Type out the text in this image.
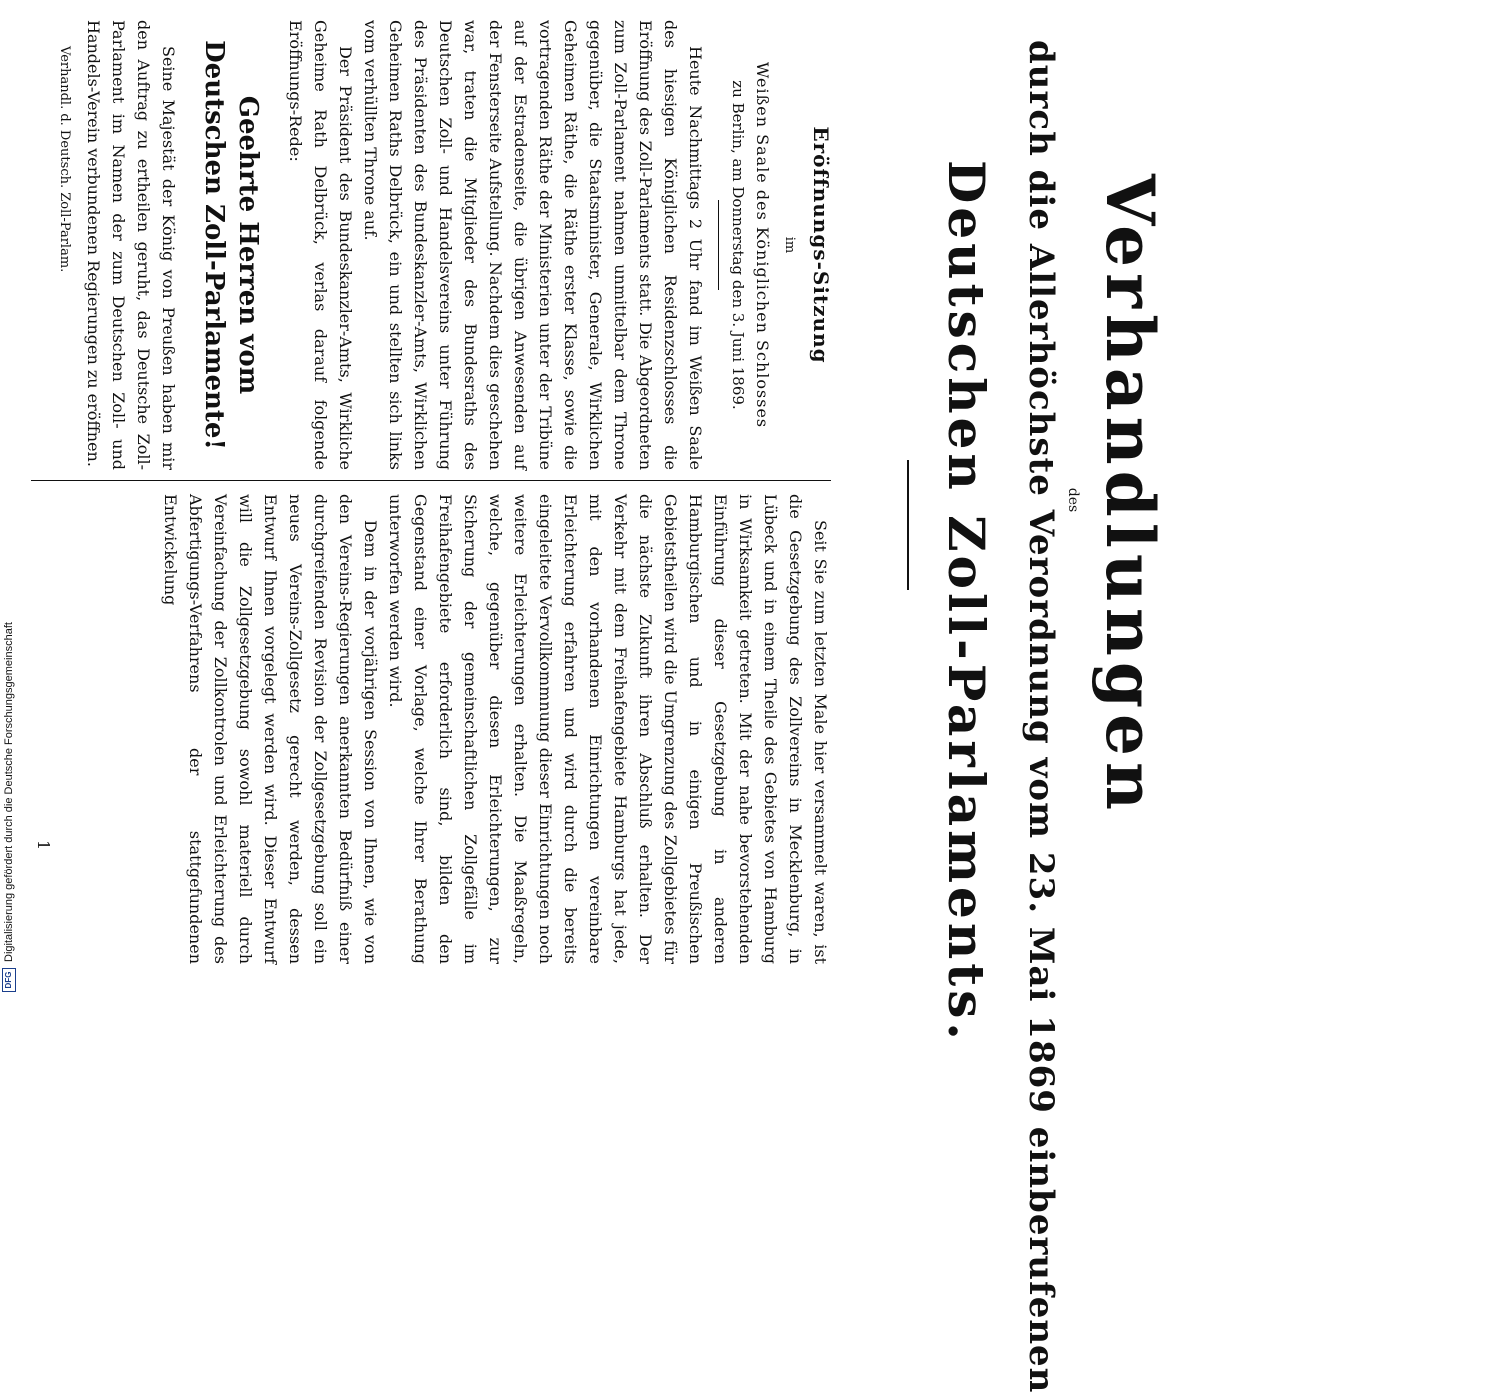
Verhandlungen
des
durch die Allerhöchste Verordnung vom 23. Mai 1869 einberufenen
Deutschen Zoll-Parlaments.
Eröffnungs-Sitzung
im
Weißen Saale des Königlichen Schlosses
zu Berlin, am Donnerstag den 3. Juni 1869.

Heute Nachmittags 2 Uhr fand im Weißen Saale des hiesigen Königlichen Residenzschlosses die Eröffnung des Zoll-Parlaments statt. Die Abgeordneten zum Zoll-Parlament nahmen unmittelbar dem Throne gegenüber, die Staatsminister, Generale, Wirklichen Geheimen Räthe, die Räthe erster Klasse, sowie die vortragenden Räthe der Ministerien unter der Tribüne auf der Estradenseite, die übrigen Anwesenden auf der Fensterseite Aufstellung. Nachdem dies geschehen war, traten die Mitglieder des Bundesraths des Deutschen Zoll- und Handelsvereins unter Führung des Präsidenten des Bundeskanzler-Amts, Wirklichen Geheimen Raths Delbrück, ein und stellten sich links vom verhüllten Throne auf.

Der Präsident des Bundeskanzler-Amts, Wirkliche Geheime Rath Delbrück, verlas darauf folgende Eröffnungs-Rede:

Geehrte Herren vom Deutschen Zoll-Parlamente!

Seine Majestät der König von Preußen haben mir den Auftrag zu ertheilen geruht, das Deutsche Zoll-Parlament im Namen der zum Deutschen Zoll- und Handels-Verein verbundenen Regierungen zu eröffnen.

Verhandl. d. Deutsch. Zoll-Parlam.

Seit Sie zum letzten Male hier versammelt waren, ist die Gesetzgebung des Zollvereins in Mecklenburg, in Lübeck und in einem Theile des Gebietes von Hamburg in Wirksamkeit getreten. Mit der nahe bevorstehenden Einführung dieser Gesetzgebung in anderen Hamburgischen und in einigen Preußischen Gebietstheilen wird die Umgrenzung des Zollgebietes für die nächste Zukunft ihren Abschluß erhalten. Der Verkehr mit dem Freihafengebiete Hamburgs hat jede, mit den vorhandenen Einrichtungen vereinbare Erleichterung erfahren und wird durch die bereits eingeleitete Vervollkommnung dieser Einrichtungen noch weitere Erleichterungen erhalten. Die Maaßregeln, welche, gegenüber diesen Erleichterungen, zur Sicherung der gemeinschaftlichen Zollgefälle im Freihafengebiete erforderlich sind, bilden den Gegenstand einer Vorlage, welche Ihrer Berathung unterworfen werden wird.

Dem in der vorjährigen Session von Ihnen, wie von den Vereins-Regierungen anerkannten Bedürfniß einer durchgreifenden Revision der Zollgesetzgebung soll ein neues Vereins-Zollgesetz gerecht werden, dessen Entwurf Ihnen vorgelegt werden wird. Dieser Entwurf will die Zollgesetzgebung sowohl materiell durch Vereinfachung der Zollkontrolen und Erleichterung des Abfertigungs-Verfahrens der stattgefundenen Entwickelung

1
DFG
Digitalisierung gefördert durch die Deutsche Forschungsgemeinschaft
